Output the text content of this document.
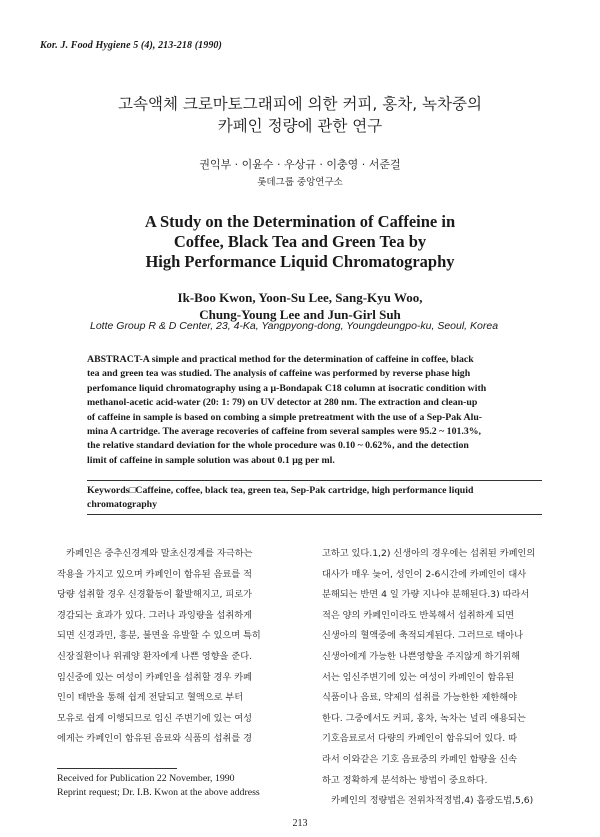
Kor. J. Food Hygiene 5 (4), 213-218 (1990)
고속액체 크로마토그래피에 의한 커피, 홍차, 녹차중의
카페인 정량에 관한 연구
권익부 · 이윤수 · 우상규 · 이충영 · 서준걸
롯데그룹 중앙연구소
A Study on the Determination of Caffeine in
Coffee, Black Tea and Green Tea by
High Performance Liquid Chromatography
Ik-Boo Kwon, Yoon-Su Lee, Sang-Kyu Woo,
Chung-Young Lee and Jun-Girl Suh
Lotte Group R & D Center, 23, 4-Ka, Yangpyong-dong, Youngdeungpo-ku, Seoul, Korea
ABSTRACT-A simple and practical method for the determination of caffeine in coffee, black
tea and green tea was studied. The analysis of caffeine was performed by reverse phase high
perfomance liquid chromatography using a μ-Bondapak C18 column at isocratic condition with
methanol-acetic acid-water (20: 1: 79) on UV detector at 280 nm. The extraction and clean-up
of caffeine in sample is based on combing a simple pretreatment with the use of a Sep-Pak Alu-
mina A cartridge. The average recoveries of caffeine from several samples were 95.2 ~ 101.3%,
the relative standard deviation for the whole procedure was 0.10 ~ 0.62%, and the detection
limit of caffeine in sample solution was about 0.1 μg per ml.
Keywords□Caffeine, coffee, black tea, green tea, Sep-Pak cartridge, high performance liquid
chromatography
　카페인은 중추신경계와 말초신경계를 자극하는
작용을 가지고 있으며 카페인이 함유된 음료를 적
당량 섭취할 경우 신경활동이 활발해지고, 피로가
경감되는 효과가 있다. 그러나 과잉량을 섭취하게
되면 신경과민, 흥분, 불면을 유발할 수 있으며 특히
신장질환이나 위궤양 환자에게 나쁜 영향을 준다.
임신중에 있는 여성이 카페인을 섭취할 경우 카페
인이 태반을 통해 쉽게 전달되고 혈액으로 부터
모유로 쉽게 이행되므로 임신 주변기에 있는 여성
에게는 카페인이 함유된 음료와 식품의 섭취를 경
고하고 있다.1,2) 신생아의 경우에는 섭취된 카페인의
대사가 매우 늦어, 성인이 2-6시간에 카페인이 대사
분해되는 반면 4 일 가량 지나야 분해된다.3) 따라서
적은 양의 카페인이라도 반복해서 섭취하게 되면
신생아의 혈액중에 축적되게된다. 그러므로 태아나
신생아에게 가능한 나쁜영향을 주지않게 하기위해
서는 임신주변기에 있는 여성이 카페인이 함유된
식품이나 음료, 약제의 섭취를 가능한한 제한해야
한다. 그중에서도 커피, 홍차, 녹차는 널리 애용되는
기호음료로서 다량의 카페인이 함유되어 있다. 따
라서 이와같은 기호 음료중의 카페인 함량을 신속
하고 정확하게 분석하는 방법이 중요하다.
　카페인의 정량법은 전위차적정법,4) 흡광도법,5,6)
Received for Publication 22 November, 1990
Reprint request; Dr. I.B. Kwon at the above address
213
